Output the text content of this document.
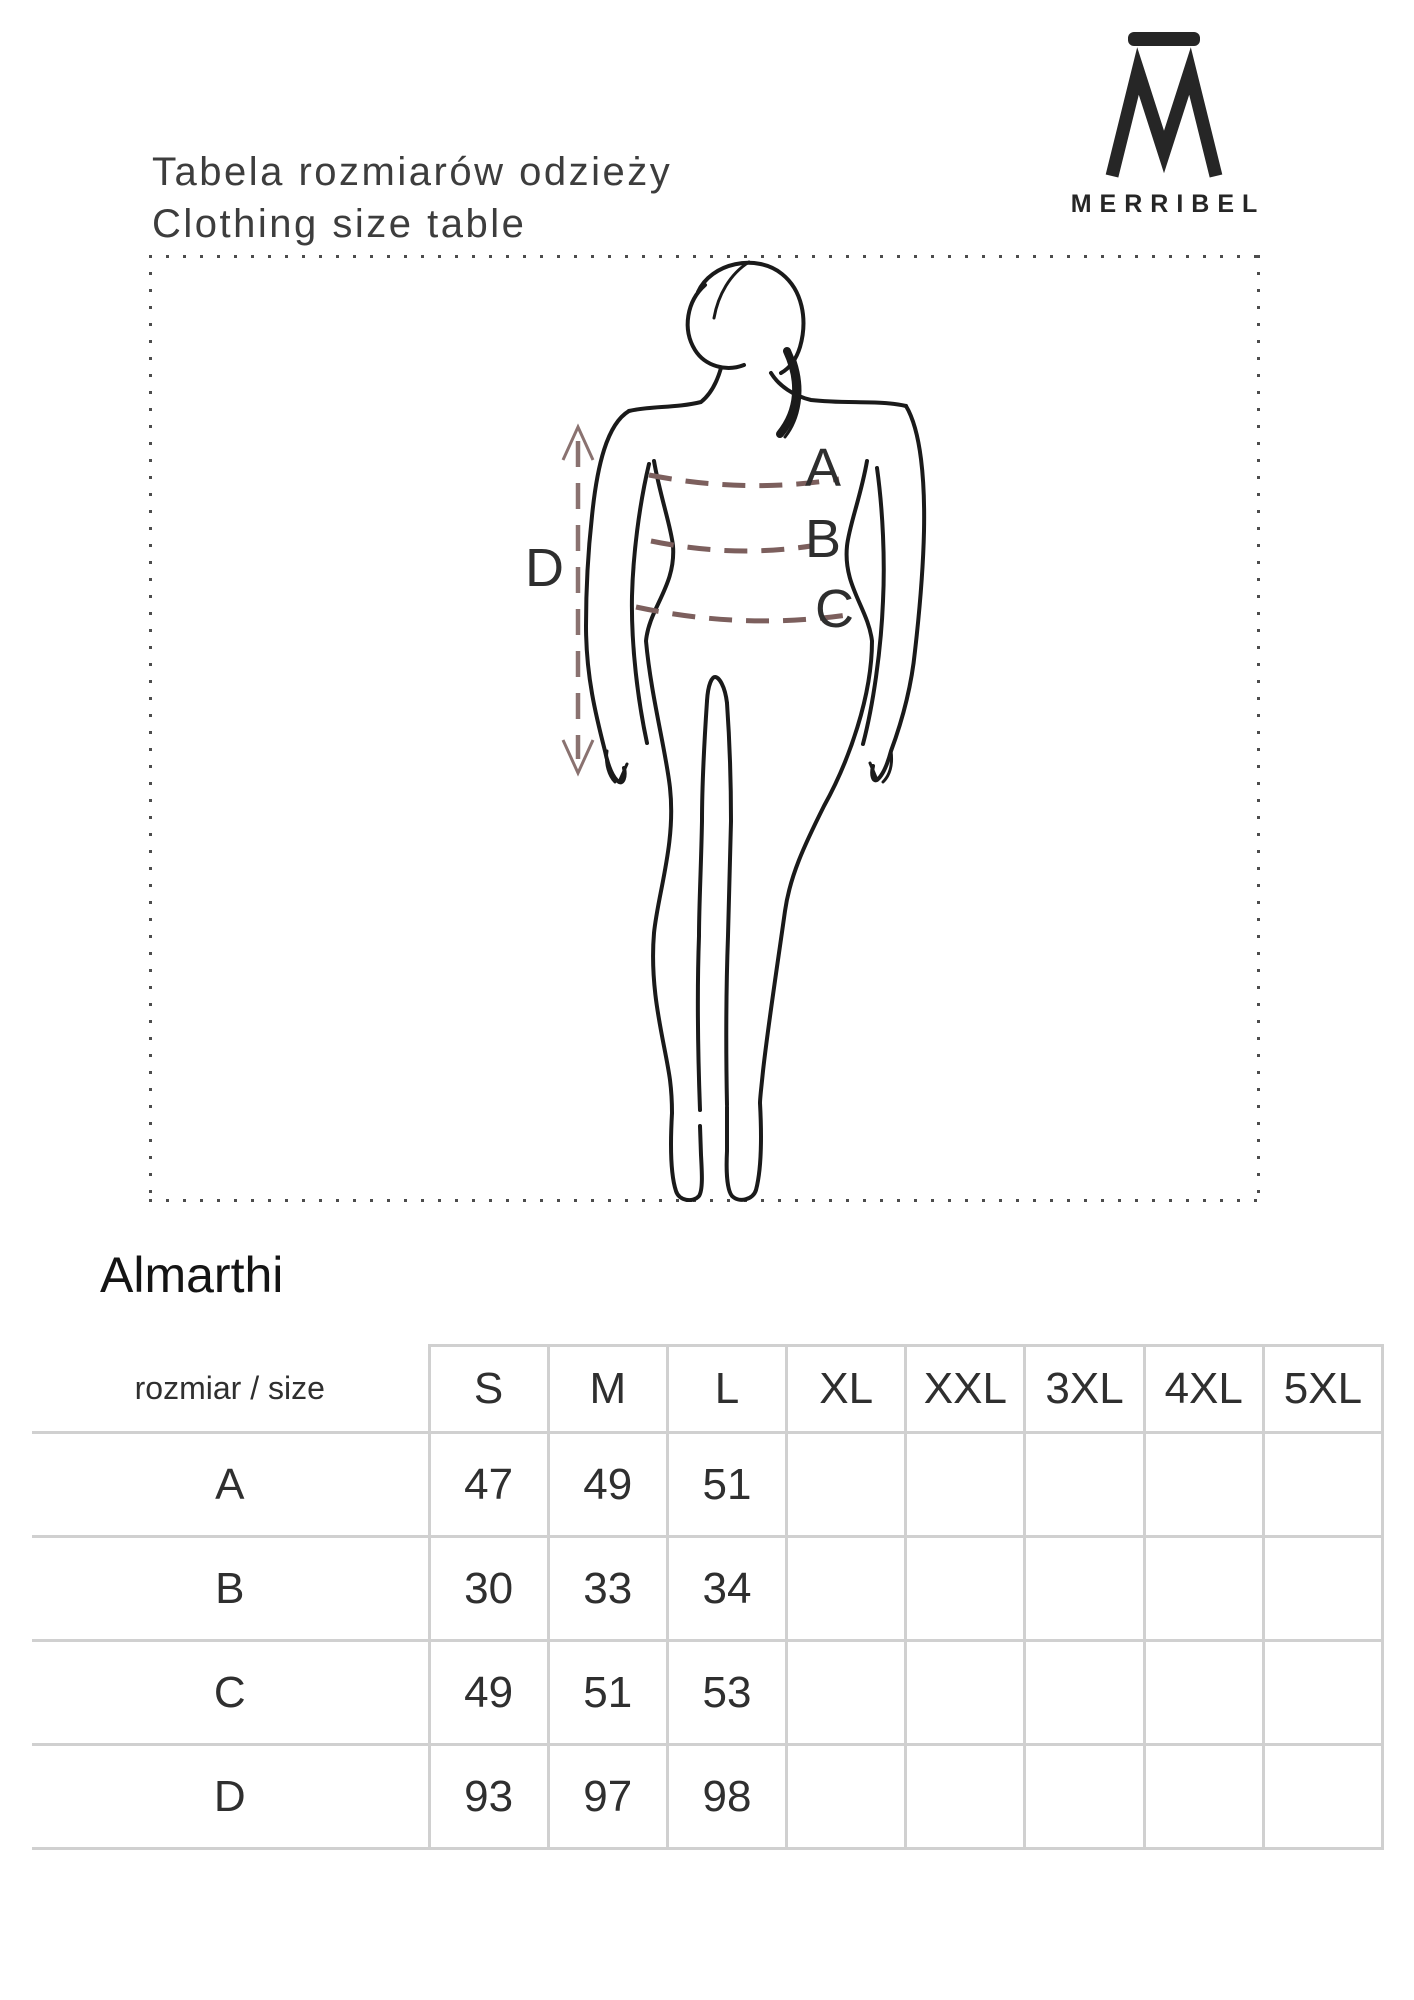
Tabela rozmiarów odzieży
Clothing size table	MERRIBEL
A
B
C
D
Almarthi
rozmiar / size	S	M	L	XL	XXL	3XL	4XL	5XL
A	47	49	51					
B	30	33	34					
C	49	51	53					
D	93	97	98					
